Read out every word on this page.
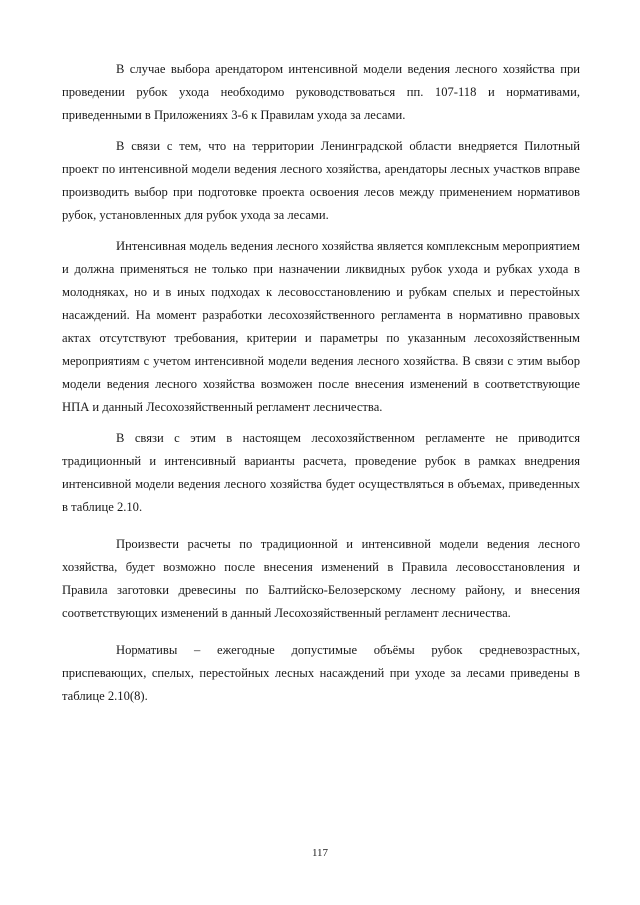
В случае выбора арендатором интенсивной модели ведения лесного хозяйства при проведении рубок ухода необходимо руководствоваться пп. 107-118 и нормативами, приведенными в Приложениях 3-6 к Правилам ухода за лесами.

В связи с тем, что на территории Ленинградской области внедряется Пилотный проект по интенсивной модели ведения лесного хозяйства, арендаторы лесных участков вправе производить выбор при подготовке проекта освоения лесов между применением нормативов рубок, установленных для рубок ухода за лесами.

Интенсивная модель ведения лесного хозяйства является комплексным мероприятием и должна применяться не только при назначении ликвидных рубок ухода и рубках ухода в молодняках, но и в иных подходах к лесовосстановлению и рубкам спелых и перестойных насаждений. На момент разработки лесохозяйственного регламента в нормативно правовых актах отсутствуют требования, критерии и параметры по указанным лесохозяйственным мероприятиям с учетом интенсивной модели ведения лесного хозяйства. В связи с этим выбор модели ведения лесного хозяйства возможен после внесения изменений в соответствующие НПА и данный Лесохозяйственный регламент лесничества.

В связи с этим в настоящем лесохозяйственном регламенте не приводится традиционный и интенсивный варианты расчета, проведение рубок в рамках внедрения интенсивной модели ведения лесного хозяйства будет осуществляться в объемах, приведенных в таблице 2.10.

Произвести расчеты по традиционной и интенсивной модели ведения лесного хозяйства, будет возможно после внесения изменений в Правила лесовосстановления и Правила заготовки древесины по Балтийско-Белозерскому лесному району, и внесения соответствующих изменений в данный Лесохозяйственный регламент лесничества.

Нормативы – ежегодные допустимые объёмы рубок средневозрастных, приспевающих, спелых, перестойных лесных насаждений при уходе за лесами приведены в таблице 2.10(8).

117
